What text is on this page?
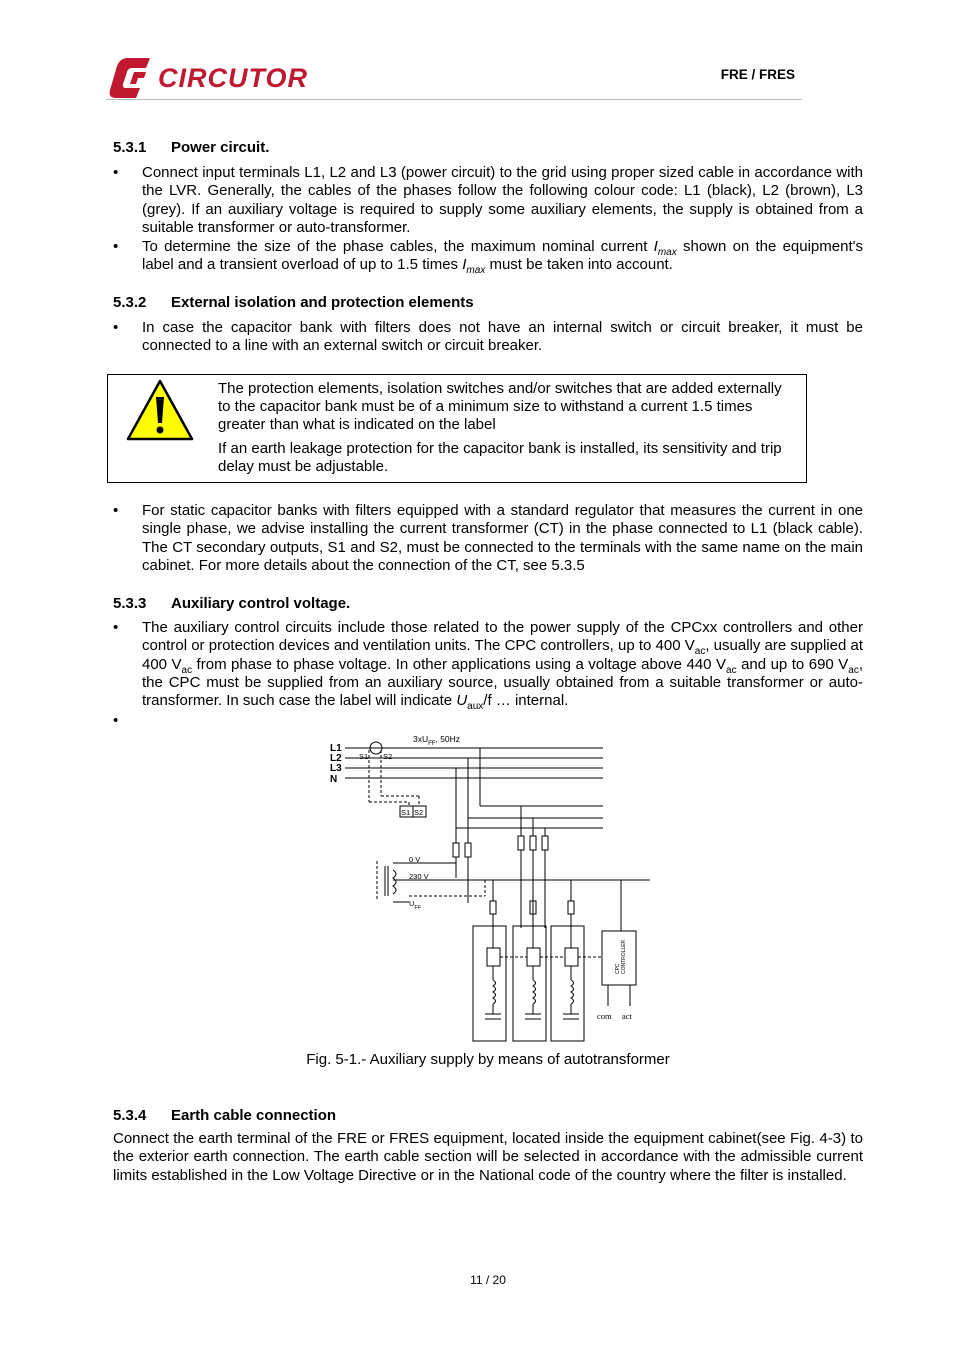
CIRCUTOR	FRE / FRES
5.3.1 Power circuit.
•	Connect input terminals L1, L2 and L3 (power circuit) to the grid using proper sized cable in accordance with the LVR. Generally, the cables of the phases follow the following colour code: L1 (black), L2 (brown), L3 (grey). If an auxiliary voltage is required to supply some auxiliary elements, the supply is obtained from a suitable transformer or auto-transformer.
•	To determine the size of the phase cables, the maximum nominal current $I_{max}$ shown on the equipment's label and a transient overload of up to 1.5 times $I_{max}$ must be taken into account.
5.3.2 External isolation and protection elements
•	In case the capacitor bank with filters does not have an internal switch or circuit breaker, it must be connected to a line with an external switch or circuit breaker.

The protection elements, isolation switches and/or switches that are added externally to the capacitor bank must be of a minimum size to withstand a current 1.5 times greater than what is indicated on the label

If an earth leakage protection for the capacitor bank is installed, its sensitivity and trip delay must be adjustable.

•	For static capacitor banks with filters equipped with a standard regulator that measures the current in one single phase, we advise installing the current transformer (CT) in the phase connected to L1 (black cable). The CT secondary outputs, S1 and S2, must be connected to the terminals with the same name on the main cabinet. For more details about the connection of the CT, see 5.3.5
5.3.3 Auxiliary control voltage.
•	The auxiliary control circuits include those related to the power supply of the CPCxx controllers and other control or protection devices and ventilation units. The CPC controllers, up to 400 $V_{ac}$, usually are supplied at 400 $V_{ac}$ from phase to phase voltage. In other applications using a voltage above 440 $V_{ac}$ and up to 690 $V_{ac}$, the CPC must be supplied from an auxiliary source, usually obtained from a suitable transformer or auto-transformer. In such case the label will indicate $U_{aux}/f$ … internal.
•
$3xU_{FF}$, 50Hz
L1
L2
L3
N
S1 S2
S1 S2
0 V
230 V
$U_{FF}$
com act
CPC CONTROLLER
Fig. 5-1.- Auxiliary supply by means of autotransformer
5.3.4 Earth cable connection
Connect the earth terminal of the FRE or FRES equipment, located inside the equipment cabinet(see Fig. 4-3) to the exterior earth connection. The earth cable section will be selected in accordance with the admissible current limits established in the Low Voltage Directive or in the National code of the country where the filter is installed.
11 / 20
